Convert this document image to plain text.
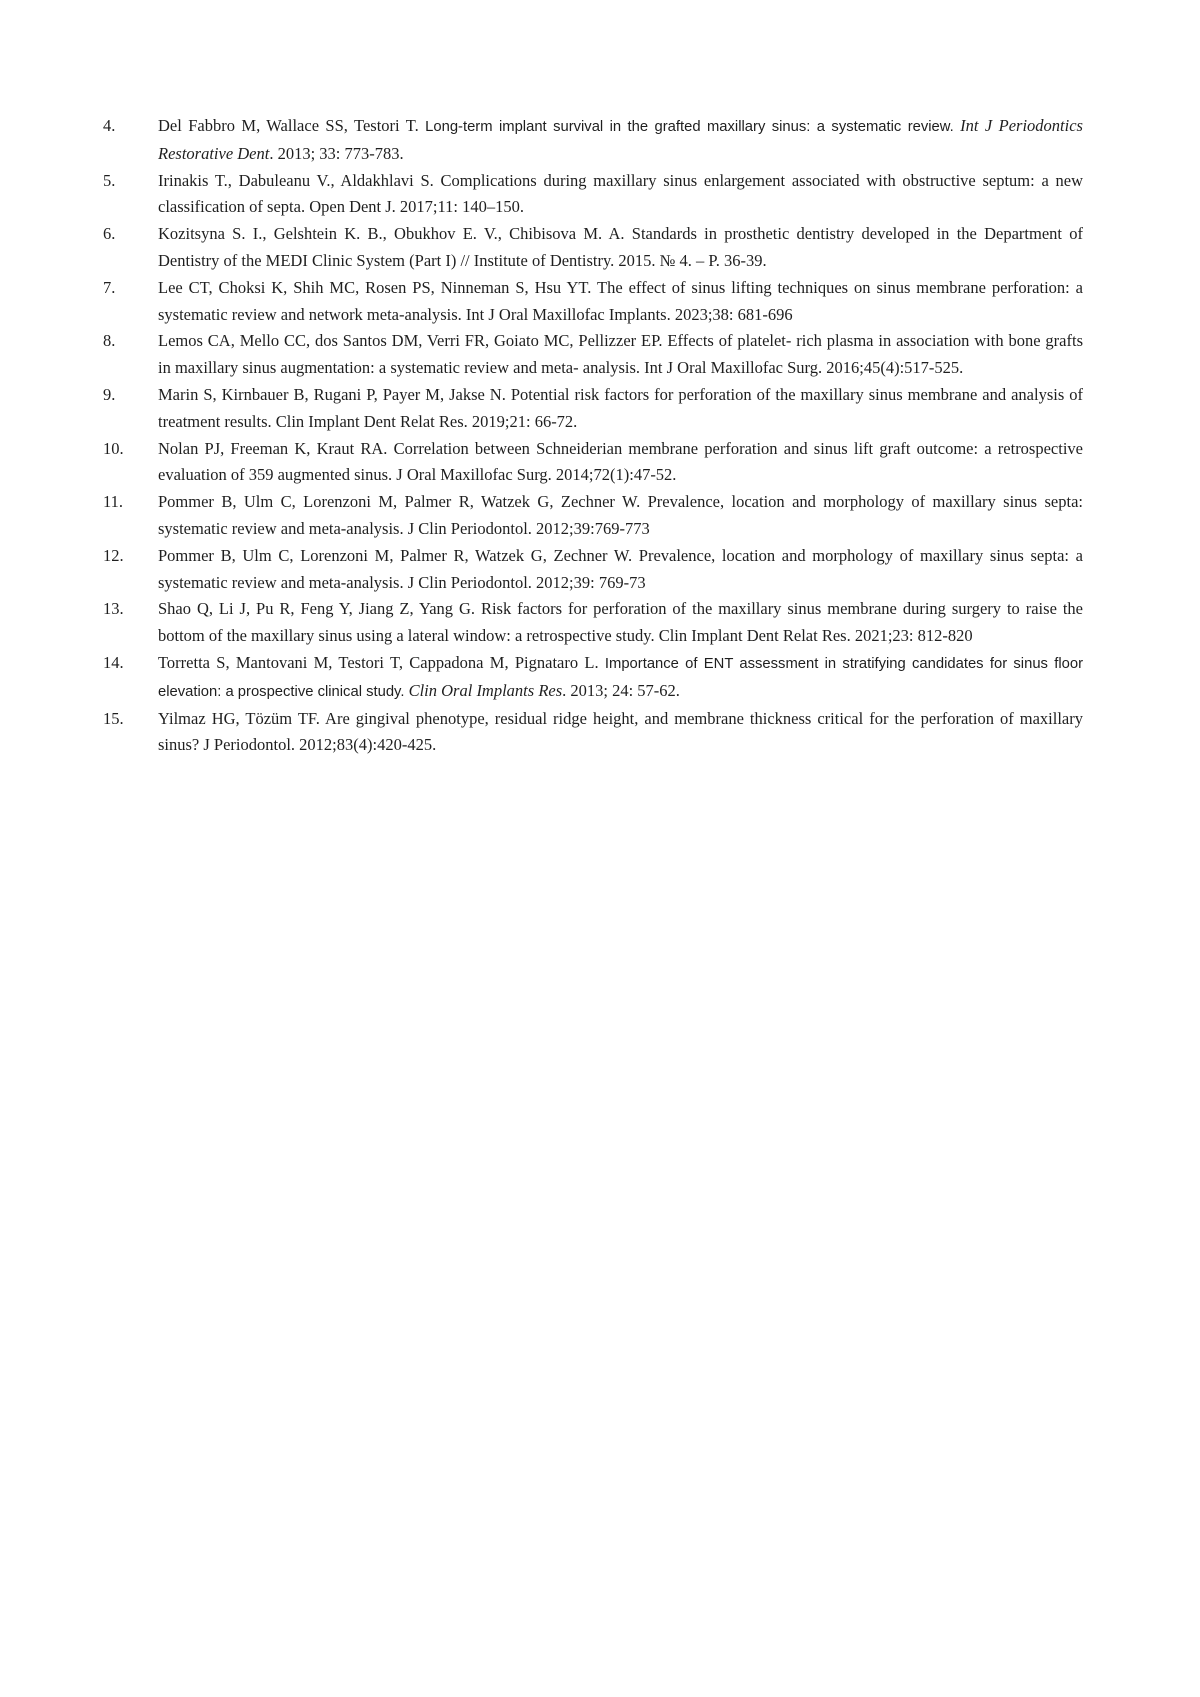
4.	Del Fabbro M, Wallace SS, Testori T. Long-term implant survival in the grafted maxillary sinus: a systematic review. Int J Periodontics Restorative Dent. 2013; 33: 773-783.
5.	Irinakis T., Dabuleanu V., Aldakhlavi S. Complications during maxillary sinus enlargement associated with obstructive septum: a new classification of septa. Open Dent J. 2017;11: 140–150.
6.	Kozitsyna S. I., Gelshtein K. B., Obukhov E. V., Chibisova M. A. Standards in prosthetic dentistry developed in the Department of Dentistry of the MEDI Clinic System (Part I) // Institute of Dentistry. 2015. № 4. – P. 36-39.
7.	Lee CT, Choksi K, Shih MC, Rosen PS, Ninneman S, Hsu YT. The effect of sinus lifting techniques on sinus membrane perforation: a systematic review and network meta-analysis. Int J Oral Maxillofac Implants. 2023;38: 681-696
8.	Lemos CA, Mello CC, dos Santos DM, Verri FR, Goiato MC, Pellizzer EP. Effects of platelet- rich plasma in association with bone grafts in maxillary sinus augmentation: a systematic review and meta- analysis. Int J Oral Maxillofac Surg. 2016;45(4):517-525.
9.	Marin S, Kirnbauer B, Rugani P, Payer M, Jakse N. Potential risk factors for perforation of the maxillary sinus membrane and analysis of treatment results. Clin Implant Dent Relat Res. 2019;21: 66-72.
10. Nolan PJ, Freeman K, Kraut RA. Correlation between Schneiderian membrane perforation and sinus lift graft outcome: a retrospective evaluation of 359 augmented sinus. J Oral Maxillofac Surg. 2014;72(1):47-52.
11. Pommer B, Ulm C, Lorenzoni M, Palmer R, Watzek G, Zechner W. Prevalence, location and morphology of maxillary sinus septa: systematic review and meta-analysis. J Clin Periodontol. 2012;39:769-773
12. Pommer B, Ulm C, Lorenzoni M, Palmer R, Watzek G, Zechner W. Prevalence, location and morphology of maxillary sinus septa: a systematic review and meta-analysis. J Clin Periodontol. 2012;39: 769-73
13. Shao Q, Li J, Pu R, Feng Y, Jiang Z, Yang G. Risk factors for perforation of the maxillary sinus membrane during surgery to raise the bottom of the maxillary sinus using a lateral window: a retrospective study. Clin Implant Dent Relat Res. 2021;23: 812-820
14. Torretta S, Mantovani M, Testori T, Cappadona M, Pignataro L. Importance of ENT assessment in stratifying candidates for sinus floor elevation: a prospective clinical study. Clin Oral Implants Res. 2013; 24: 57-62.
15. Yilmaz HG, Tözüm TF. Are gingival phenotype, residual ridge height, and membrane thickness critical for the perforation of maxillary sinus? J Periodontol. 2012;83(4):420-425.
